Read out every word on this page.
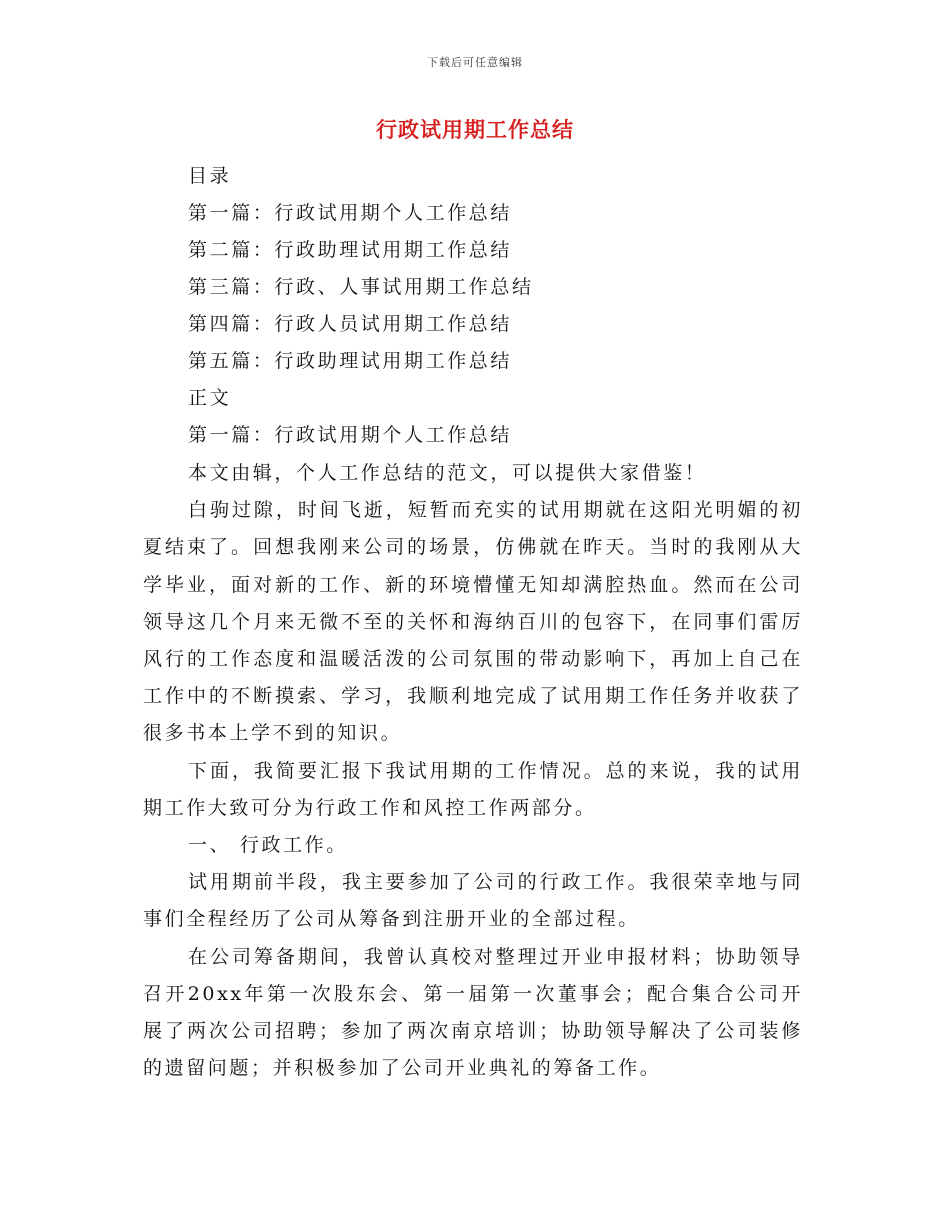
下载后可任意编辑
行政试用期工作总结
目录
第一篇：行政试用期个人工作总结
第二篇：行政助理试用期工作总结
第三篇：行政、人事试用期工作总结
第四篇：行政人员试用期工作总结
第五篇：行政助理试用期工作总结
正文
第一篇：行政试用期个人工作总结

本文由辑，个人工作总结的范文，可以提供大家借鉴！

白驹过隙，时间飞逝，短暂而充实的试用期就在这阳光明媚的初夏结束了。回想我刚来公司的场景，仿佛就在昨天。当时的我刚从大学毕业，面对新的工作、新的环境懵懂无知却满腔热血。然而在公司领导这几个月来无微不至的关怀和海纳百川的包容下，在同事们雷厉风行的工作态度和温暖活泼的公司氛围的带动影响下，再加上自己在工作中的不断摸索、学习，我顺利地完成了试用期工作任务并收获了很多书本上学不到的知识。

下面，我简要汇报下我试用期的工作情况。总的来说，我的试用期工作大致可分为行政工作和风控工作两部分。

一、 行政工作。

试用期前半段，我主要参加了公司的行政工作。我很荣幸地与同事们全程经历了公司从筹备到注册开业的全部过程。

在公司筹备期间，我曾认真校对整理过开业申报材料；协助领导召开20xx年第一次股东会、第一届第一次董事会；配合集合公司开展了两次公司招聘；参加了两次南京培训；协助领导解决了公司装修的遗留问题；并积极参加了公司开业典礼的筹备工作。
